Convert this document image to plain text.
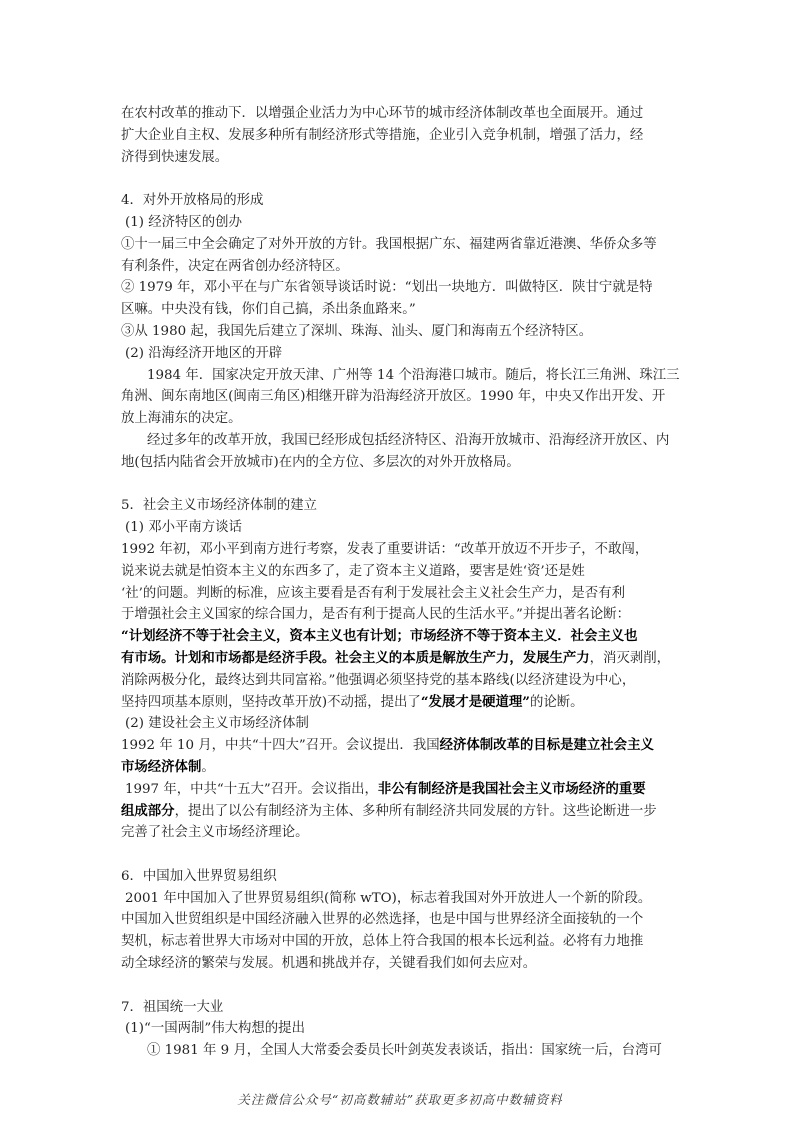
在农村改革的推动下．以增强企业活力为中心环节的城市经济体制改革也全面展开。通过
扩大企业自主权、发展多种所有制经济形式等措施，企业引入竞争机制，增强了活力，经
济得到快速发展。
4．对外开放格局的形成
(1) 经济特区的创办
①十一届三中全会确定了对外开放的方针。我国根据广东、福建两省靠近港澳、华侨众多等
有利条件，决定在两省创办经济特区。
② 1979 年，邓小平在与广东省领导谈话时说：“划出一块地方．叫做特区．陕甘宁就是特
区嘛。中央没有钱，你们自己搞，杀出条血路来。”
③从 1980 起，我国先后建立了深圳、珠海、汕头、厦门和海南五个经济特区。
(2) 沿海经济开地区的开辟
1984 年．国家决定开放天津、广州等 14 个沿海港口城市。随后，将长江三角洲、珠江三
角洲、闽东南地区(闽南三角区)相继开辟为沿海经济开放区。1990 年，中央又作出开发、开
放上海浦东的决定。
经过多年的改革开放，我国已经形成包括经济特区、沿海开放城市、沿海经济开放区、内
地(包括内陆省会开放城市)在内的全方位、多层次的对外开放格局。
5．社会主义市场经济体制的建立
(1) 邓小平南方谈话
1992 年初，邓小平到南方进行考察，发表了重要讲话：“改革开放迈不开步子，不敢闯，
说来说去就是怕资本主义的东西多了，走了资本主义道路，要害是姓‘资’还是姓
‘社’的问题。判断的标准，应该主要看是否有利于发展社会主义社会生产力，是否有利
于增强社会主义国家的综合国力，是否有利于提高人民的生活水平。”并提出著名论断：
“计划经济不等于社会主义，资本主义也有计划；市场经济不等于资本主义．社会主义也
有市场。计划和市场都是经济手段。社会主义的本质是解放生产力，发展生产力，消灭剥削，
消除两极分化，最终达到共同富裕。”他强调必须坚持党的基本路线(以经济建设为中心，
坚持四项基本原则，坚持改革开放)不动摇，提出了“发展才是硬道理”的论断。
(2) 建设社会主义市场经济体制
1992 年 10 月，中共“十四大”召开。会议提出．我国经济体制改革的目标是建立社会主义
市场经济体制。
1997 年，中共“十五大”召开。会议指出，非公有制经济是我国社会主义市场经济的重要
组成部分，提出了以公有制经济为主体、多种所有制经济共同发展的方针。这些论断进一步
完善了社会主义市场经济理论。
6．中国加入世界贸易组织
2001 年中国加入了世界贸易组织(简称 wTO)，标志着我国对外开放进人一个新的阶段。
中国加入世贸组织是中国经济融入世界的必然选择，也是中国与世界经济全面接轨的一个
契机，标志着世界大市场对中国的开放，总体上符合我国的根本长远利益。必将有力地推
动全球经济的繁荣与发展。机遇和挑战并存，关键看我们如何去应对。
7．祖国统一大业
(1)“一国两制”伟大构想的提出
① 1981 年 9 月，全国人大常委会委员长叶剑英发表谈话，指出：国家统一后，台湾可
关注微信公众号“初高数辅站”获取更多初高中数辅资料
